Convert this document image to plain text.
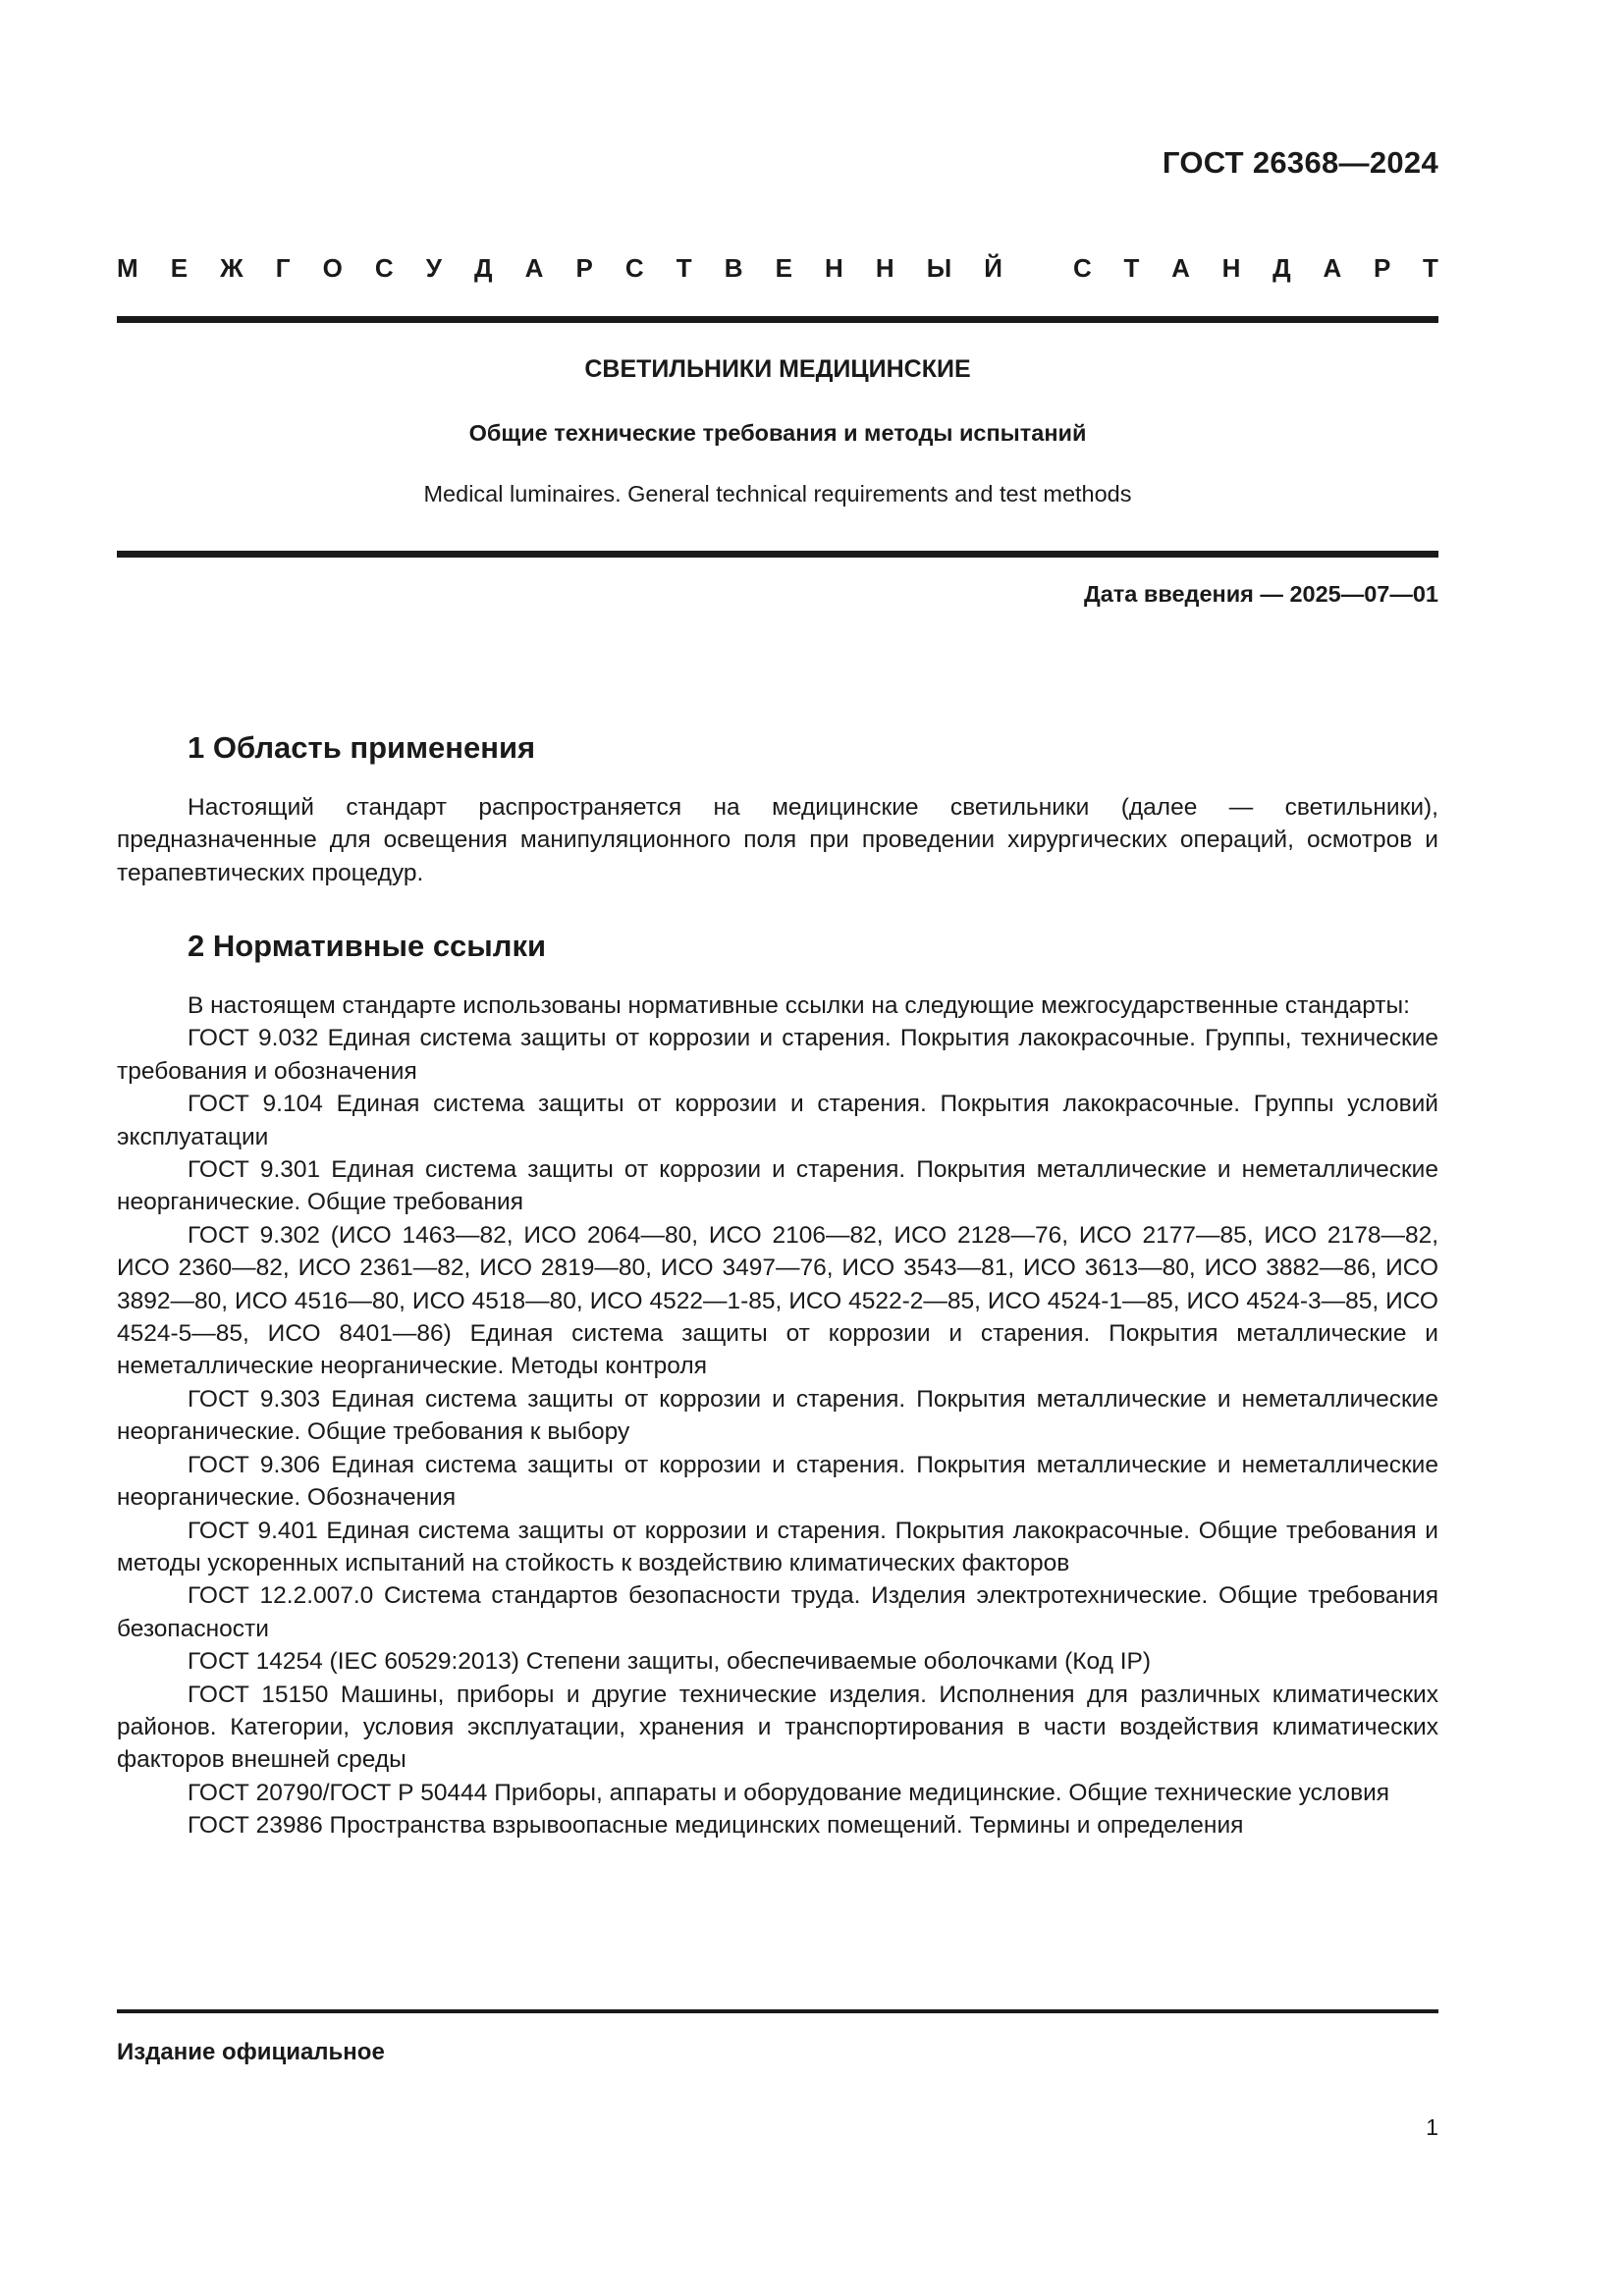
ГОСТ 26368—2024
М Е Ж Г О С У Д А Р С Т В Е Н Н Ы Й	С Т А Н Д А Р Т
СВЕТИЛЬНИКИ МЕДИЦИНСКИЕ
Общие технические требования и методы испытаний
Medical luminaires. General technical requirements and test methods
Дата введения — 2025—07—01
1 Область применения

Настоящий стандарт распространяется на медицинские светильники (далее — светильники), предназначенные для освещения манипуляционного поля при проведении хирургических операций, осмотров и терапевтических процедур.

2 Нормативные ссылки

В настоящем стандарте использованы нормативные ссылки на следующие межгосударственные стандарты:

ГОСТ 9.032 Единая система защиты от коррозии и старения. Покрытия лакокрасочные. Группы, технические требования и обозначения

ГОСТ 9.104 Единая система защиты от коррозии и старения. Покрытия лакокрасочные. Группы условий эксплуатации

ГОСТ 9.301 Единая система защиты от коррозии и старения. Покрытия металлические и неметаллические неорганические. Общие требования

ГОСТ 9.302 (ИСО 1463—82, ИСО 2064—80, ИСО 2106—82, ИСО 2128—76, ИСО 2177—85, ИСО 2178—82, ИСО 2360—82, ИСО 2361—82, ИСО 2819—80, ИСО 3497—76, ИСО 3543—81, ИСО 3613—80, ИСО 3882—86, ИСО 3892—80, ИСО 4516—80, ИСО 4518—80, ИСО 4522—1-85, ИСО 4522-2—85, ИСО 4524-1—85, ИСО 4524-3—85, ИСО 4524-5—85, ИСО 8401—86) Единая система защиты от коррозии и старения. Покрытия металлические и неметаллические неорганические. Методы контроля

ГОСТ 9.303 Единая система защиты от коррозии и старения. Покрытия металлические и неметаллические неорганические. Общие требования к выбору

ГОСТ 9.306 Единая система защиты от коррозии и старения. Покрытия металлические и неметаллические неорганические. Обозначения

ГОСТ 9.401 Единая система защиты от коррозии и старения. Покрытия лакокрасочные. Общие требования и методы ускоренных испытаний на стойкость к воздействию климатических факторов

ГОСТ 12.2.007.0 Система стандартов безопасности труда. Изделия электротехнические. Общие требования безопасности

ГОСТ 14254 (IEC 60529:2013) Степени защиты, обеспечиваемые оболочками (Код IP)

ГОСТ 15150 Машины, приборы и другие технические изделия. Исполнения для различных климатических районов. Категории, условия эксплуатации, хранения и транспортирования в части воздействия климатических факторов внешней среды

ГОСТ 20790/ГОСТ Р 50444 Приборы, аппараты и оборудование медицинские. Общие технические условия

ГОСТ 23986 Пространства взрывоопасные медицинских помещений. Термины и определения

Издание официальное
1
